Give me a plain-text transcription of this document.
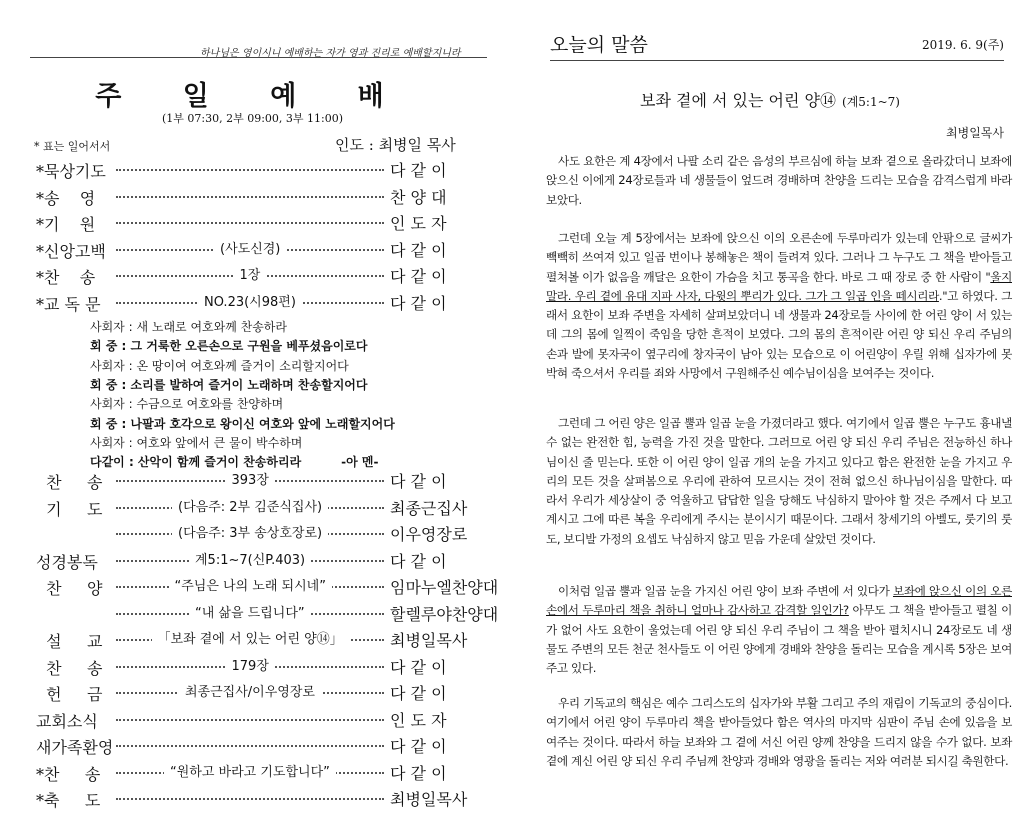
하나님은 영이시니 예배하는 자가 영과 진리로 예배할지니라
주 일 예 배
(1부 07:30, 2부 09:00, 3부 11:00)
* 표는 일어서서	인도 : 최병일 목사
*묵상기도	다 같 이
*송    영	찬 양 대
*기    원	인 도 자
*신앙고백	(사도신경)	다 같 이
*찬    송	1장	다 같 이
*교 독 문	NO.23(시98편)	다 같 이
사회자 : 새 노래로 여호와께 찬송하라
회 중 : 그 거룩한 오른손으로 구원을 베푸셨음이로다
사회자 : 온 땅이여 여호와께 즐거이 소리할지어다
회 중 : 소리를 발하여 즐거이 노래하며 찬송할지어다
사회자 : 수금으로 여호와를 찬양하며
회 중 : 나팔과 호각으로 왕이신 여호와 앞에 노래할지어다
사회자 : 여호와 앞에서 큰 물이 박수하며
다같이 : 산악이 함께 즐거이 찬송하리라	-아 멘-
찬     송	393장	다 같 이
기     도	(다음주: 2부 김준식집사)	최종근집사
(다음주: 3부 송상호장로)	이우영장로
성경봉독	계5:1~7(신P.403)	다 같 이
찬     양	“주님은 나의 노래 되시네”	임마누엘찬양대
“내 삶을 드립니다”	할렐루야찬양대
설     교	「보좌 곁에 서 있는 어린 양⑭」	최병일목사
찬     송	179장	다 같 이
헌     금	최종근집사/이우영장로	다 같 이
교회소식	인 도 자
새가족환영	다 같 이
*찬     송	“원하고 바라고 기도합니다”	다 같 이
*축     도	최병일목사
오늘의 말씀	2019. 6. 9(주)
보좌 곁에 서 있는 어린 양⑭ (계5:1~7)
최병일목사
사도 요한은 계 4장에서 나팔 소리 같은 음성의 부르심에 하늘 보좌 곁으로 올라갔더니 보좌에 앉으신 이에게 24장로들과 네 생물들이 엎드려 경배하며 찬양을 드리는 모습을 감격스럽게 바라보았다.
그런데 오늘 계 5장에서는 보좌에 앉으신 이의 오른손에 두루마리가 있는데 안팎으로 글씨가 빽빽히 쓰여져 있고 일곱 번이나 봉해놓은 책이 들려져 있다. 그러나 그 누구도 그 책을 받아들고 펼쳐볼 이가 없음을 깨달은 요한이 가슴을 치고 통곡을 한다. 바로 그 때 장로 중 한 사람이 "울지 말라. 우리 곁에 유대 지파 사자, 다윗의 뿌리가 있다. 그가 그 일곱 인을 떼시리라."고 하였다. 그래서 요한이 보좌 주변을 자세히 살펴보았더니 네 생물과 24장로들 사이에 한 어린 양이 서 있는데 그의 몸에 일찍이 죽임을 당한 흔적이 보였다. 그의 몸의 흔적이란 어린 양 되신 우리 주님의 손과 발에 못자국이 옆구리에 창자국이 남아 있는 모습으로 이 어린양이 우릴 위해 십자가에 못 박혀 죽으셔서 우리를 죄와 사망에서 구원해주신 예수님이심을 보여주는 것이다.
그런데 그 어린 양은 일곱 뿔과 일곱 눈을 가졌더라고 했다. 여기에서 일곱 뿔은 누구도 흉내낼 수 없는 완전한 힘, 능력을 가진 것을 말한다. 그러므로 어린 양 되신 우리 주님은 전능하신 하나님이신 줄 믿는다. 또한 이 어린 양이 일곱 개의 눈을 가지고 있다고 함은 완전한 눈을 가지고 우리의 모든 것을 살펴봄으로 우리에 관하여 모르시는 것이 전혀 없으신 하나님이심을 말한다. 따라서 우리가 세상살이 중 억울하고 답답한 일을 당해도 낙심하지 말아야 할 것은 주께서 다 보고 계시고 그에 따른 복을 우리에게 주시는 분이시기 때문이다. 그래서 창세기의 아벨도, 룻기의 룻도, 보디발 가정의 요셉도 낙심하지 않고 믿음 가운데 살았던 것이다.
이처럼 일곱 뿔과 일곱 눈을 가지신 어린 양이 보좌 주변에 서 있다가 보좌에 앉으신 이의 오른손에서 두루마리 책을 취하니 얼마나 감사하고 감격할 일인가? 아무도 그 책을 받아들고 펼칠 이가 없어 사도 요한이 울었는데 어린 양 되신 우리 주님이 그 책을 받아 펼치시니 24장로도 네 생물도 주변의 모든 천군 천사들도 이 어린 양에게 경배와 찬양을 돌리는 모습을 계시록 5장은 보여주고 있다.
우리 기독교의 핵심은 예수 그리스도의 십자가와 부활 그리고 주의 재림이 기독교의 중심이다. 여기에서 어린 양이 두루마리 책을 받아들었다 함은 역사의 마지막 심판이 주님 손에 있음을 보여주는 것이다. 따라서 하늘 보좌와 그 곁에 서신 어린 양께 찬양을 드리지 않을 수가 없다. 보좌 곁에 계신 어린 양 되신 우리 주님께 찬양과 경배와 영광을 돌리는 저와 여러분 되시길 축원한다.
